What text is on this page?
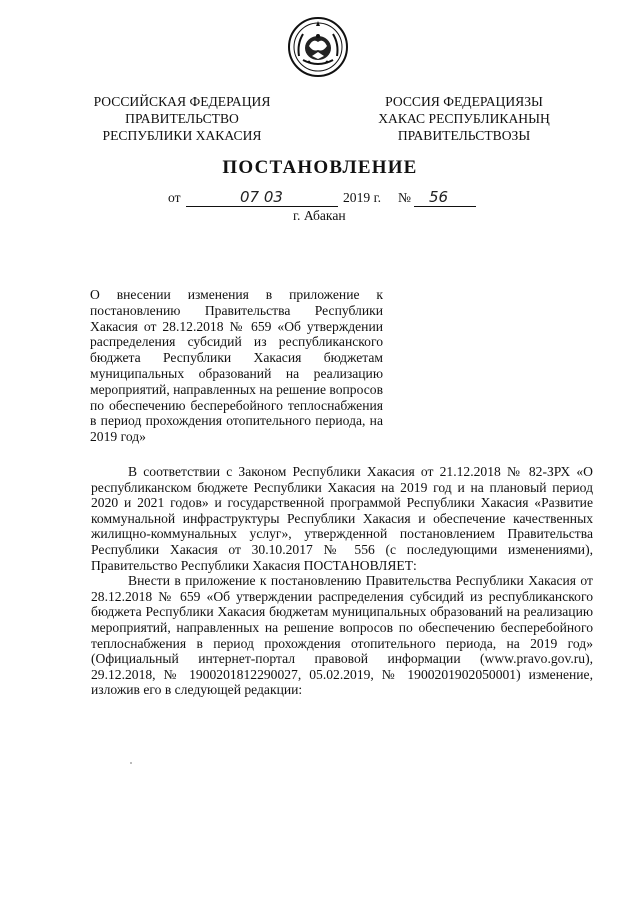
РОССИЙСКАЯ ФЕДЕРАЦИЯ
ПРАВИТЕЛЬСТВО
РЕСПУБЛИКИ ХАКАСИЯ
РОССИЯ ФЕДЕРАЦИЯЗЫ
ХАКАС РЕСПУБЛИКАНЫҢ
ПРАВИТЕЛЬСТВОЗЫ
ПОСТАНОВЛЕНИЕ
от	07 03	2019 г. № 56
г. Абакан
О внесении изменения в приложение к постановлению Правительства Республики Хакасия от 28.12.2018 № 659 «Об утверждении распределения субсидий из республиканского бюджета Республики Хакасия бюджетам муниципальных образований на реализацию мероприятий, направленных на решение вопросов по обеспечению бесперебойного теплоснабжения в период прохождения отопительного периода, на 2019 год»

В соответствии с Законом Республики Хакасия от 21.12.2018 № 82-ЗРХ «О республиканском бюджете Республики Хакасия на 2019 год и на плановый период 2020 и 2021 годов» и государственной программой Республики Хакасия «Развитие коммунальной инфраструктуры Республики Хакасия и обеспечение качественных жилищно-коммунальных услуг», утвержденной постановлением Правительства Республики Хакасия от 30.10.2017 № 556 (с последующими изменениями), Правительство Республики Хакасия ПОСТАНОВЛЯЕТ:

Внести в приложение к постановлению Правительства Республики Хакасия от 28.12.2018 № 659 «Об утверждении распределения субсидий из республиканского бюджета Республики Хакасия бюджетам муниципальных образований на реализацию мероприятий, направленных на решение вопросов по обеспечению бесперебойного теплоснабжения в период прохождения отопительного периода, на 2019 год» (Официальный интернет-портал правовой информации (www.pravo.gov.ru), 29.12.2018, № 1900201812290027, 05.02.2019, № 1900201902050001) изменение, изложив его в следующей редакции:
